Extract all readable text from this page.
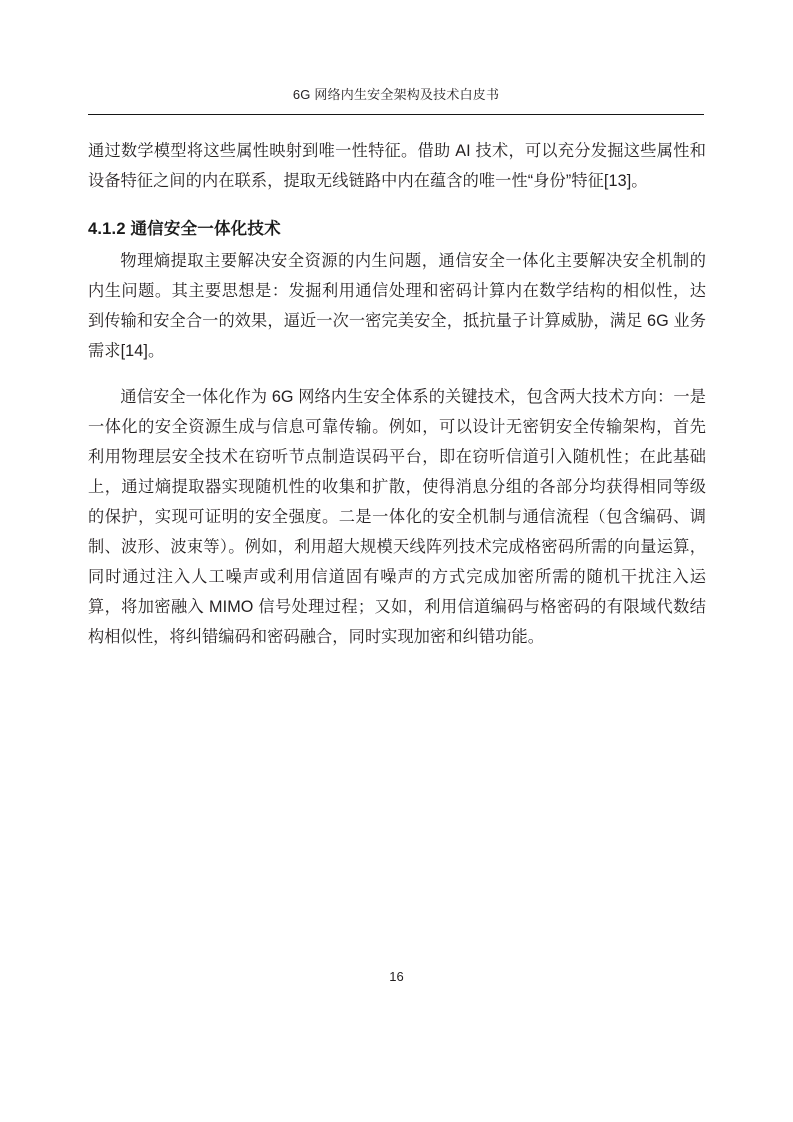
6G 网络内生安全架构及技术白皮书

通过数学模型将这些属性映射到唯一性特征。借助 AI 技术，可以充分发掘这些属性和设备特征之间的内在联系，提取无线链路中内在蕴含的唯一性“身份”特征[13]。

4.1.2 通信安全一体化技术

物理熵提取主要解决安全资源的内生问题，通信安全一体化主要解决安全机制的内生问题。其主要思想是：发掘利用通信处理和密码计算内在数学结构的相似性，达到传输和安全合一的效果，逼近一次一密完美安全，抵抗量子计算威胁，满足 6G 业务需求[14]。

通信安全一体化作为 6G 网络内生安全体系的关键技术，包含两大技术方向：一是一体化的安全资源生成与信息可靠传输。例如，可以设计无密钥安全传输架构，首先利用物理层安全技术在窃听节点制造误码平台，即在窃听信道引入随机性；在此基础上，通过熵提取器实现随机性的收集和扩散，使得消息分组的各部分均获得相同等级的保护，实现可证明的安全强度。二是一体化的安全机制与通信流程（包含编码、调制、波形、波束等）。例如，利用超大规模天线阵列技术完成格密码所需的向量运算，同时通过注入人工噪声或利用信道固有噪声的方式完成加密所需的随机干扰注入运算，将加密融入 MIMO 信号处理过程；又如，利用信道编码与格密码的有限域代数结构相似性，将纠错编码和密码融合，同时实现加密和纠错功能。

16
